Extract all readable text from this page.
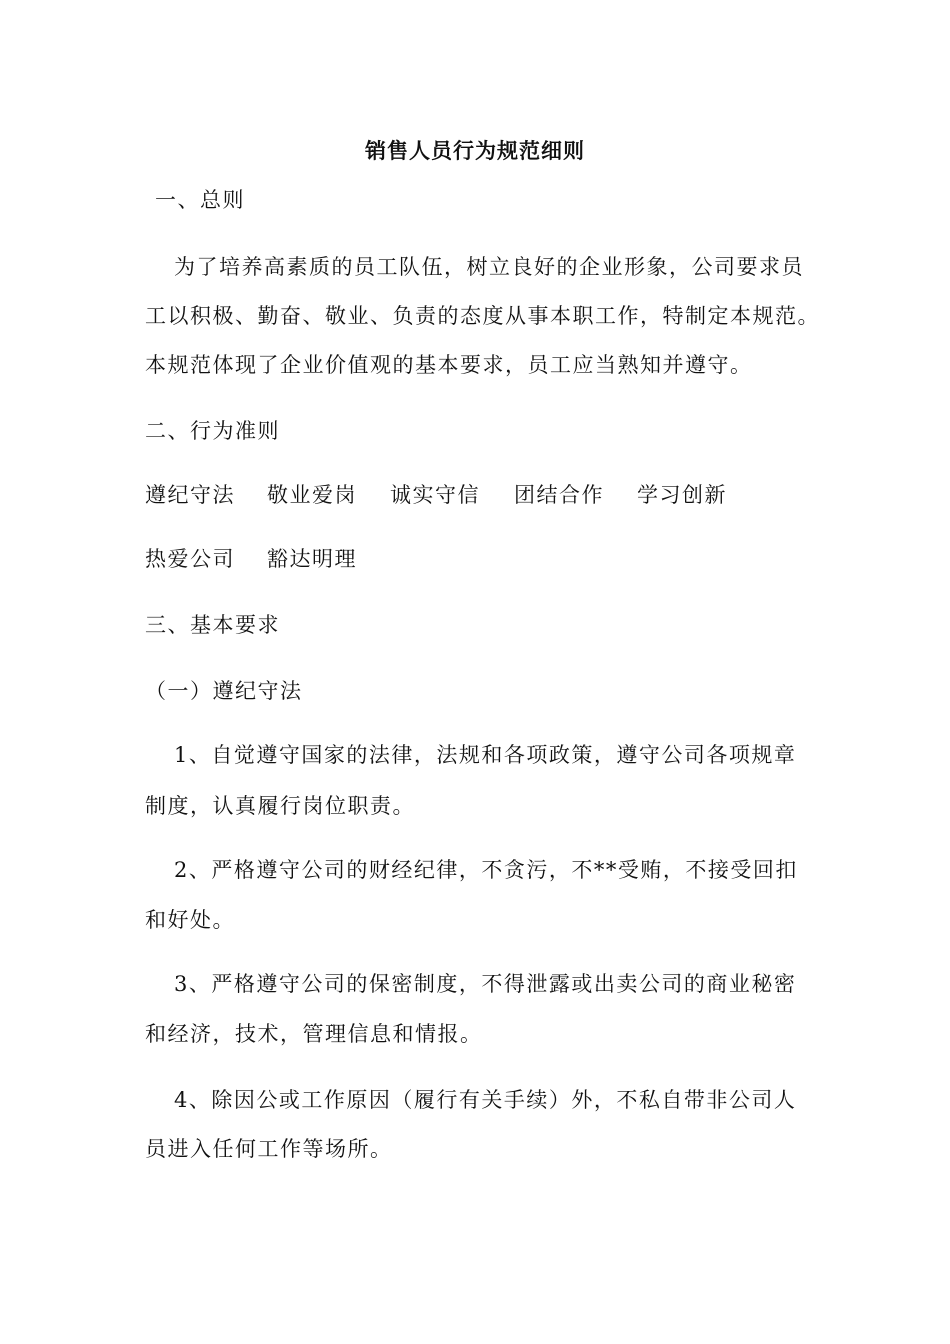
销售人员行为规范细则
一、总则
为了培养高素质的员工队伍，树立良好的企业形象，公司要求员
工以积极、勤奋、敬业、负责的态度从事本职工作，特制定本规范。
本规范体现了企业价值观的基本要求，员工应当熟知并遵守。
二、行为准则
遵纪守法 敬业爱岗 诚实守信 团结合作 学习创新
热爱公司 豁达明理
三、基本要求
（一）遵纪守法
1、自觉遵守国家的法律，法规和各项政策，遵守公司各项规章
制度，认真履行岗位职责。
2、严格遵守公司的财经纪律，不贪污，不**受贿，不接受回扣
和好处。
3、严格遵守公司的保密制度，不得泄露或出卖公司的商业秘密
和经济，技术，管理信息和情报。
4、除因公或工作原因（履行有关手续）外，不私自带非公司人
员进入任何工作等场所。
